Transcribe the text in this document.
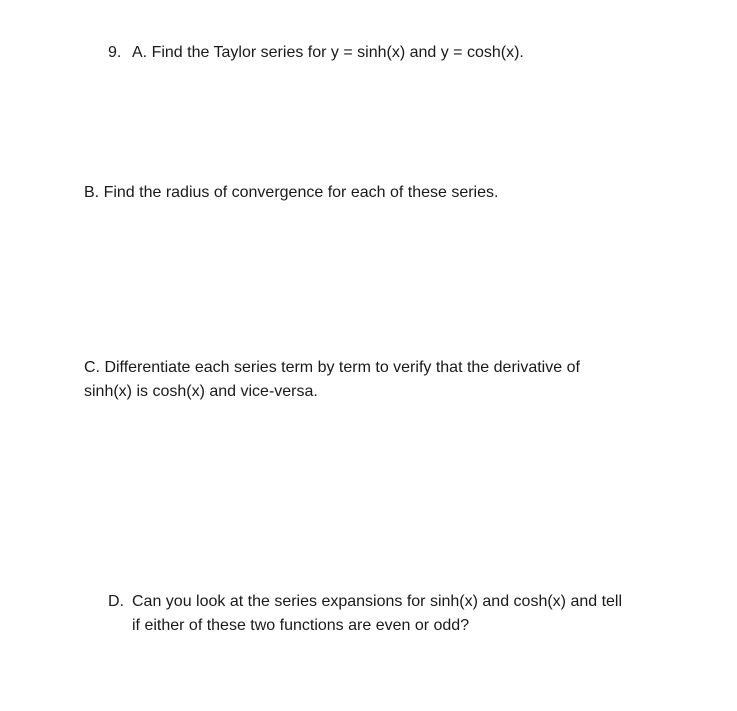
9. A. Find the Taylor series for y = sinh(x) and y = cosh(x).
B. Find the radius of convergence for each of these series.
C. Differentiate each series term by term to verify that the derivative of
sinh(x) is cosh(x) and vice-versa.
D. Can you look at the series expansions for sinh(x) and cosh(x) and tell
if either of these two functions are even or odd?
